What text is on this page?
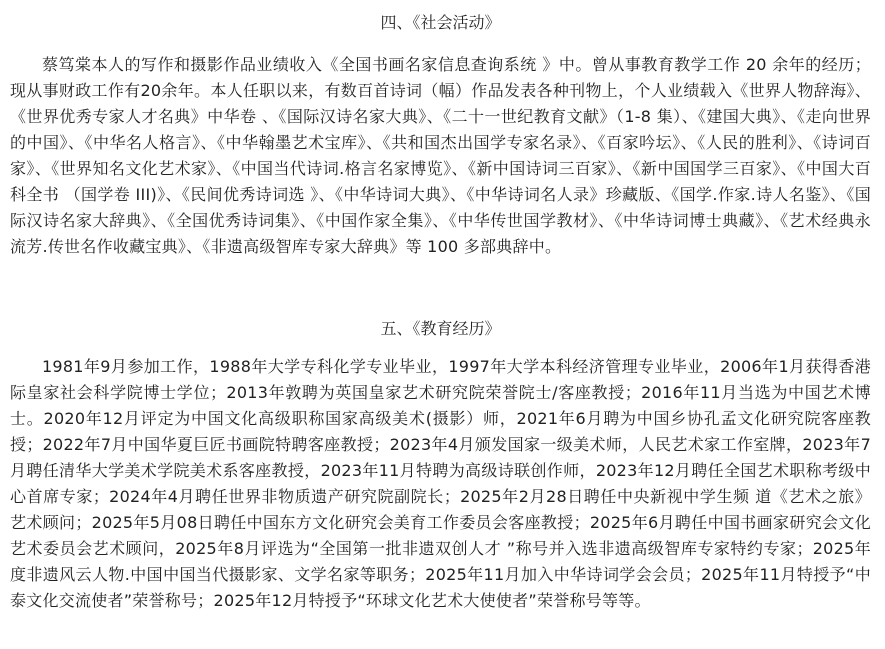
四、《社会活动》

蔡笃棠本人的写作和摄影作品业绩收入《全国书画名家信息查询系统 》中。曾从事教育教学工作 20 余年的经历；现从事财政工作有20余年。本人任职以来，有数百首诗词（幅）作品发表各种刊物上，个人业绩载入《世界人物辞海》、《世界优秀专家人才名典》中华卷 、《国际汉诗名家大典》、《二十一世纪教育文献》（1-8 集）、《建国大典》、《走向世界的中国》、《中华名人格言》、《中华翰墨艺术宝库》、《共和国杰出国学专家名录》、《百家吟坛》、《人民的胜利》、《诗词百家》、《世界知名文化艺术家》、《中国当代诗词.格言名家博览》、《新中国诗词三百家》、《新中国国学三百家》、《中国大百科全书 （国学卷 III)》、《民间优秀诗词选 》、《中华诗词大典》、《中华诗词名人录》珍藏版、《国学.作家.诗人名鉴》、《国际汉诗名家大辞典》、《全国优秀诗词集》、《中国作家全集》、《中华传世国学教材》、《中华诗词博士典藏》、《艺术经典永流芳.传世名作收藏宝典》、《非遗高级智库专家大辞典》等 100 多部典辞中。

五、《教育经历》

1981年9月参加工作，1988年大学专科化学专业毕业，1997年大学本科经济管理专业毕业，2006年1月获得香港际皇家社会科学院博士学位；2013年敦聘为英国皇家艺术研究院荣誉院士/客座教授；2016年11月当选为中国艺术博士。2020年12月评定为中国文化高级职称国家高级美术(摄影）师，2021年6月聘为中国乡协孔孟文化研究院客座教授；2022年7月中国华夏巨匠书画院特聘客座教授；2023年4月颁发国家一级美术师，人民艺术家工作室牌，2023年7月聘任清华大学美术学院美术系客座教授，2023年11月特聘为高级诗联创作师，2023年12月聘任全国艺术职称考级中心首席专家；2024年4月聘任世界非物质遗产研究院副院长；2025年2月28日聘任中央新视中学生频 道《艺术之旅》艺术顾问；2025年5月08日聘任中国东方文化研究会美育工作委员会客座教授；2025年6月聘任中国书画家研究会文化艺术委员会艺术顾问，2025年8月评选为“全国第一批非遗双创人才 ”称号并入选非遗高级智库专家特约专家；2025年度非遗风云人物.中国中国当代摄影家、文学名家等职务；2025年11月加入中华诗词学会会员；2025年11月特授予“中泰文化交流使者”荣誉称号；2025年12月特授予“环球文化艺术大使使者”荣誉称号等等。
